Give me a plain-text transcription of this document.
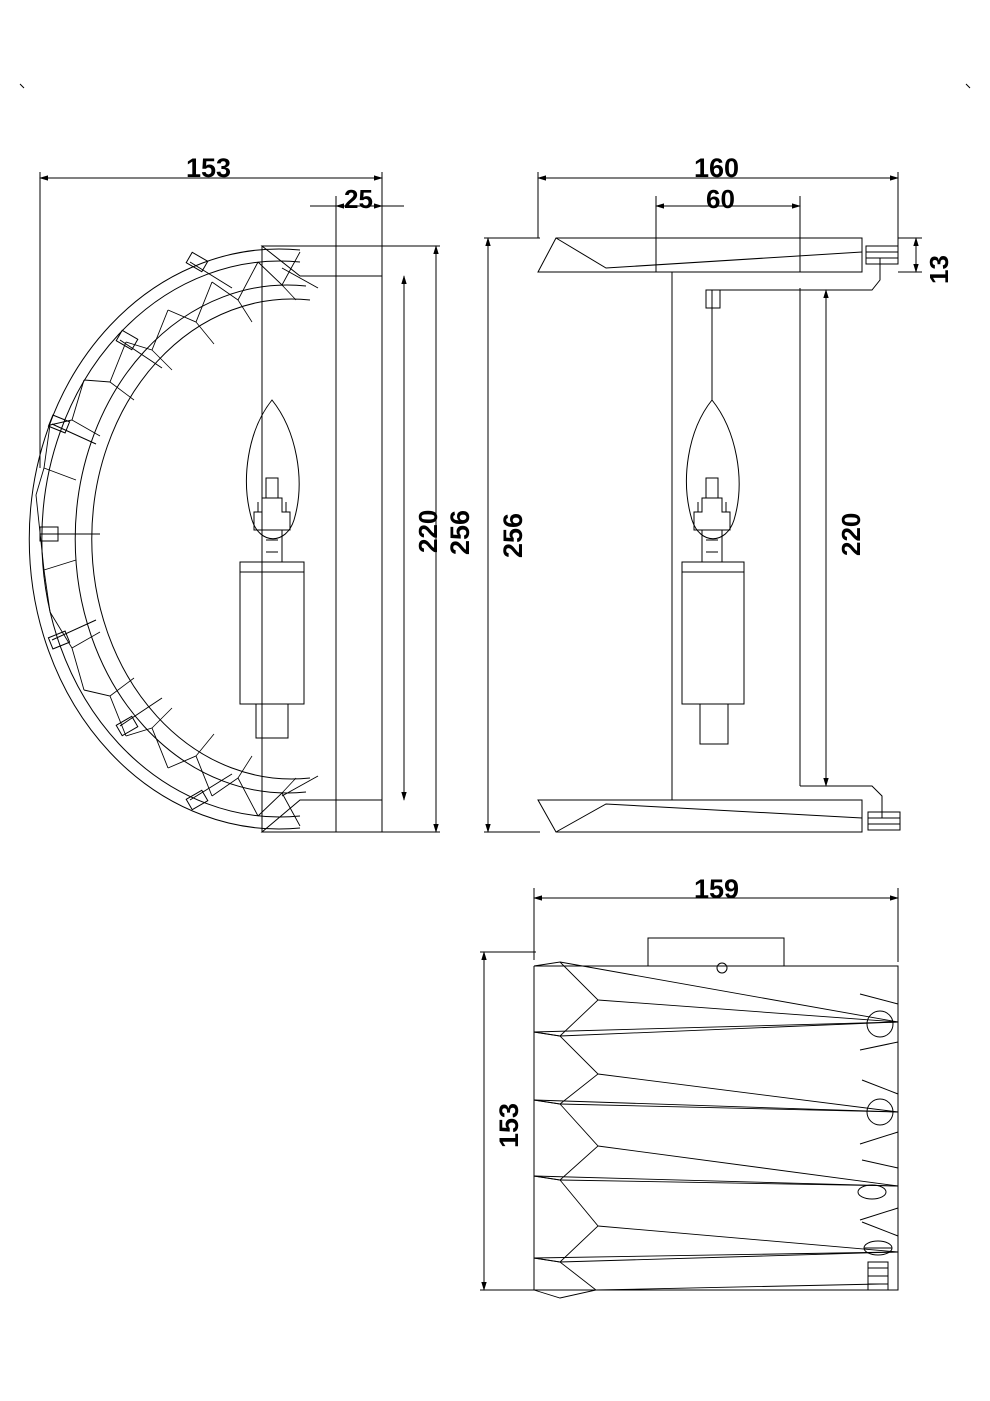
153
25
256
220
160
60
13
256	220
159
153
